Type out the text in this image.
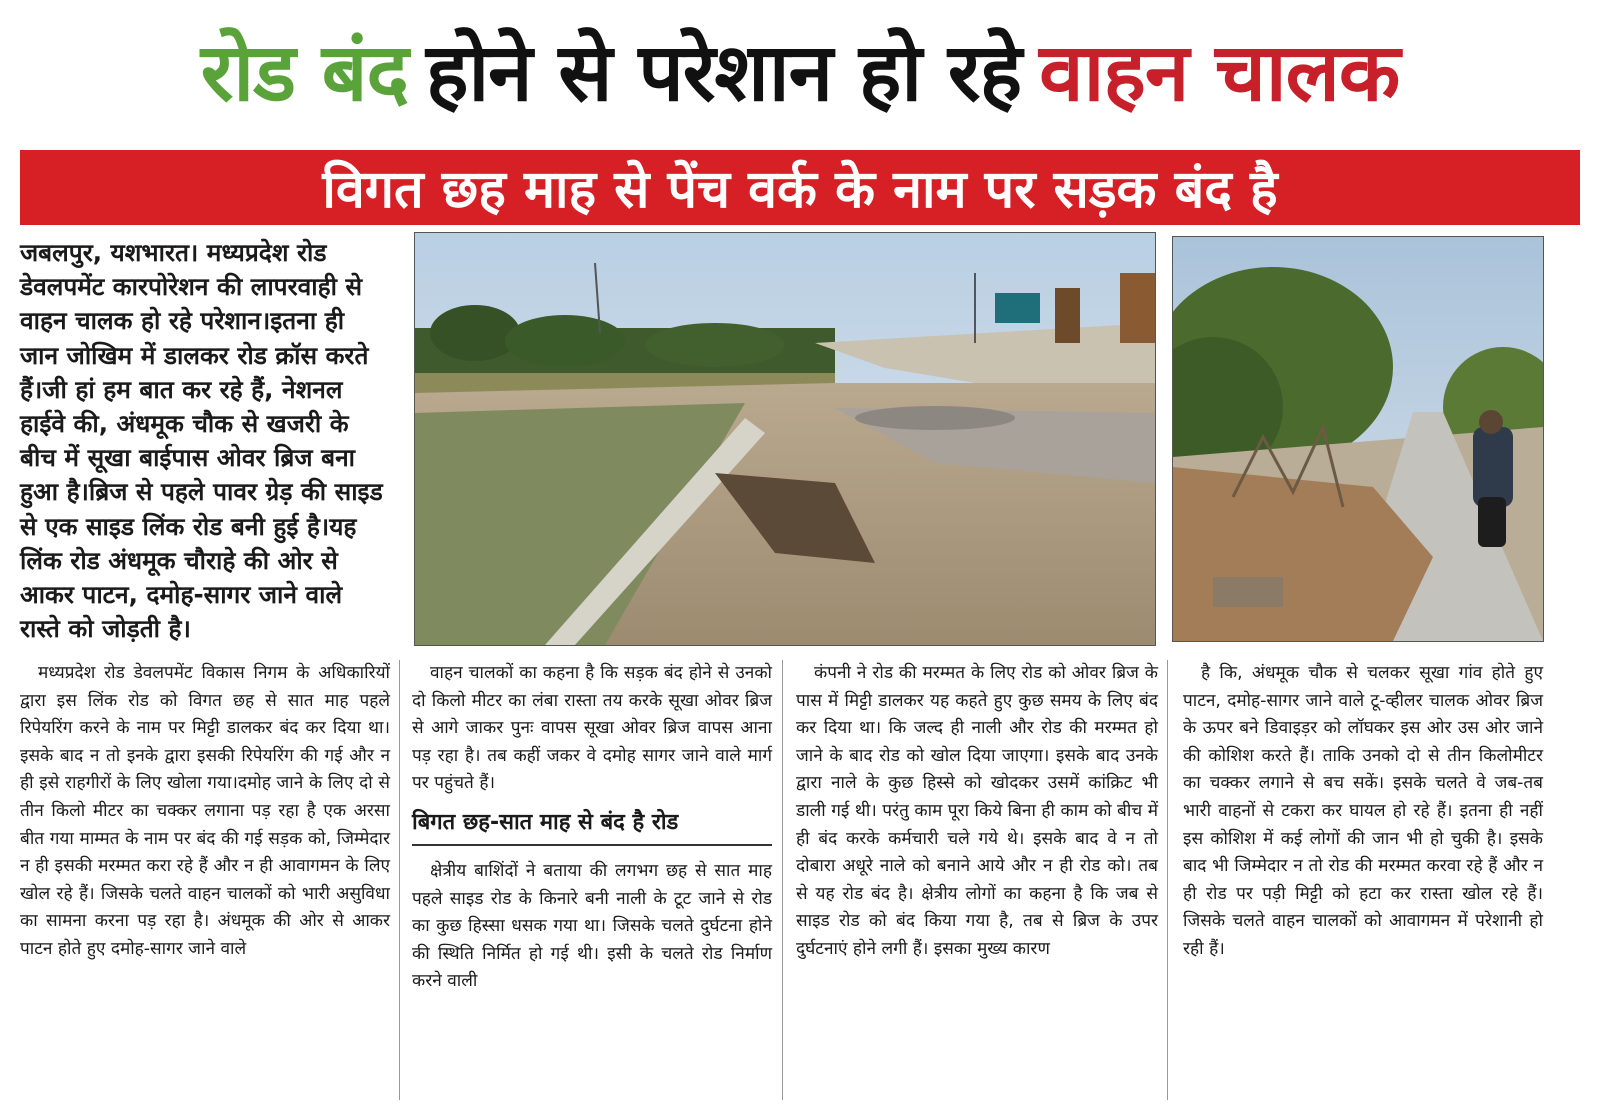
रोड बंद होने से परेशान हो रहे वाहन चालक
विगत छह माह से पेंच वर्क के नाम पर सड़क बंद है

जबलपुर, यशभारत। मध्यप्रदेश रोड डेवलपमेंट कारपोरेशन की लापरवाही से वाहन चालक हो रहे परेशान।इतना ही जान जोखिम में डालकर रोड क्रॉस करते हैं।जी हां हम बात कर रहे हैं, नेशनल हाईवे की, अंधमूक चौक से खजरी के बीच में सूखा बाईपास ओवर ब्रिज बना हुआ है।ब्रिज से पहले पावर ग्रेड़ की साइड से एक साइड लिंक रोड बनी हुई है।यह लिंक रोड अंधमूक चौराहे की ओर से आकर पाटन, दमोह-सागर जाने वाले रास्ते को जोड़ती है।

मध्यप्रदेश रोड डेवलपमेंट विकास निगम के अधिकारियों द्वारा इस लिंक रोड को विगत छह से सात माह पहले रिपेयरिंग करने के नाम पर मिट्टी डालकर बंद कर दिया था। इसके बाद न तो इनके द्वारा इसकी रिपेयरिंग की गई और न ही इसे राहगीरों के लिए खोला गया।दमोह जाने के लिए दो से तीन किलो मीटर का चक्कर लगाना पड़ रहा है एक अरसा बीत गया माम्मत के नाम पर बंद की गई सड़क को, जिम्मेदार न ही इसकी मरम्मत करा रहे हैं और न ही आवागमन के लिए खोल रहे हैं। जिसके चलते वाहन चालकों को भारी असुविधा का सामना करना पड़ रहा है। अंधमूक की ओर से आकर पाटन होते हुए दमोह-सागर जाने वाले

वाहन चालकों का कहना है कि सड़क बंद होने से उनको दो किलो मीटर का लंबा रास्ता तय करके सूखा ओवर ब्रिज से आगे जाकर पुनः वापस सूखा ओवर ब्रिज वापस आना पड़ रहा है। तब कहीं जकर वे दमोह सागर जाने वाले मार्ग पर पहुंचते हैं।

बिगत छह-सात माह से बंद है रोड

क्षेत्रीय बाशिंदों ने बताया की लगभग छह से सात माह पहले साइड रोड के किनारे बनी नाली के टूट जाने से रोड का कुछ हिस्सा धसक गया था। जिसके चलते दुर्घटना होने की स्थिति निर्मित हो गई थी। इसी के चलते रोड निर्माण करने वाली

कंपनी ने रोड की मरम्मत के लिए रोड को ओवर ब्रिज के पास में मिट्टी डालकर यह कहते हुए कुछ समय के लिए बंद कर दिया था। कि जल्द ही नाली और रोड की मरम्मत हो जाने के बाद रोड को खोल दिया जाएगा। इसके बाद उनके द्वारा नाले के कुछ हिस्से को खोदकर उसमें कांक्रिट भी डाली गई थी। परंतु काम पूरा किये बिना ही काम को बीच में ही बंद करके कर्मचारी चले गये थे। इसके बाद वे न तो दोबारा अधूरे नाले को बनाने आये और न ही रोड को। तब से यह रोड बंद है। क्षेत्रीय लोगों का कहना है कि जब से साइड रोड को बंद किया गया है, तब से ब्रिज के उपर दुर्घटनाएं होने लगी हैं। इसका मुख्य कारण

है कि, अंधमूक चौक से चलकर सूखा गांव होते हुए पाटन, दमोह-सागर जाने वाले टू-व्हीलर चालक ओवर ब्रिज के ऊपर बने डिवाइड़र को लॉघकर इस ओर उस ओर जाने की कोशिश करते हैं। ताकि उनको दो से तीन किलोमीटर का चक्कर लगाने से बच सकें। इसके चलते वे जब-तब भारी वाहनों से टकरा कर घायल हो रहे हैं। इतना ही नहीं इस कोशिश में कई लोगों की जान भी हो चुकी है। इसके बाद भी जिम्मेदार न तो रोड की मरम्मत करवा रहे हैं और न ही रोड पर पड़ी मिट्टी को हटा कर रास्ता खोल रहे हैं। जिसके चलते वाहन चालकों को आवागमन में परेशानी हो रही हैं।
